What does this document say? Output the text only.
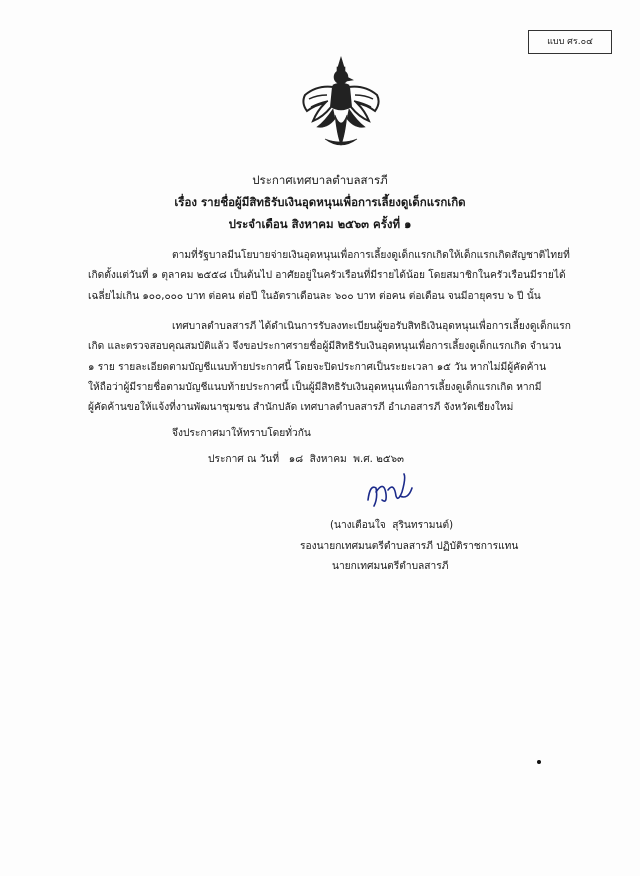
แบบ ศร.๐๔
ประกาศเทศบาลตำบลสารภี
เรื่อง รายชื่อผู้มีสิทธิรับเงินอุดหนุนเพื่อการเลี้ยงดูเด็กแรกเกิด
ประจำเดือน สิงหาคม ๒๕๖๓ ครั้งที่ ๑
ตามที่รัฐบาลมีนโยบายจ่ายเงินอุดหนุนเพื่อการเลี้ยงดูเด็กแรกเกิดให้เด็กแรกเกิดสัญชาติไทยที่
เกิดตั้งแต่วันที่ ๑ ตุลาคม ๒๕๕๘ เป็นต้นไป อาศัยอยู่ในครัวเรือนที่มีรายได้น้อย โดยสมาชิกในครัวเรือนมีรายได้
เฉลี่ยไม่เกิน ๑๐๐,๐๐๐ บาท ต่อคน ต่อปี ในอัตราเดือนละ ๖๐๐ บาท ต่อคน ต่อเดือน จนมีอายุครบ ๖ ปี นั้น
เทศบาลตำบลสารภี ได้ดำเนินการรับลงทะเบียนผู้ขอรับสิทธิเงินอุดหนุนเพื่อการเลี้ยงดูเด็กแรก
เกิด และตรวจสอบคุณสมบัติแล้ว จึงขอประกาศรายชื่อผู้มีสิทธิรับเงินอุดหนุนเพื่อการเลี้ยงดูเด็กแรกเกิด จำนวน
๑ ราย รายละเอียดตามบัญชีแนบท้ายประกาศนี้ โดยจะปิดประกาศเป็นระยะเวลา ๑๕ วัน หากไม่มีผู้คัดค้าน
ให้ถือว่าผู้มีรายชื่อตามบัญชีแนบท้ายประกาศนี้ เป็นผู้มีสิทธิรับเงินอุดหนุนเพื่อการเลี้ยงดูเด็กแรกเกิด หากมี
ผู้คัดค้านขอให้แจ้งที่งานพัฒนาชุมชน สำนักปลัด เทศบาลตำบลสารภี อำเภอสารภี จังหวัดเชียงใหม่
จึงประกาศมาให้ทราบโดยทั่วกัน
ประกาศ ณ วันที่   ๑๘  สิงหาคม  พ.ศ. ๒๕๖๓
(นางเตือนใจ  สุรินทรามนต์)
รองนายกเทศมนตรีตำบลสารภี ปฏิบัติราชการแทน
นายกเทศมนตรีตำบลสารภี
